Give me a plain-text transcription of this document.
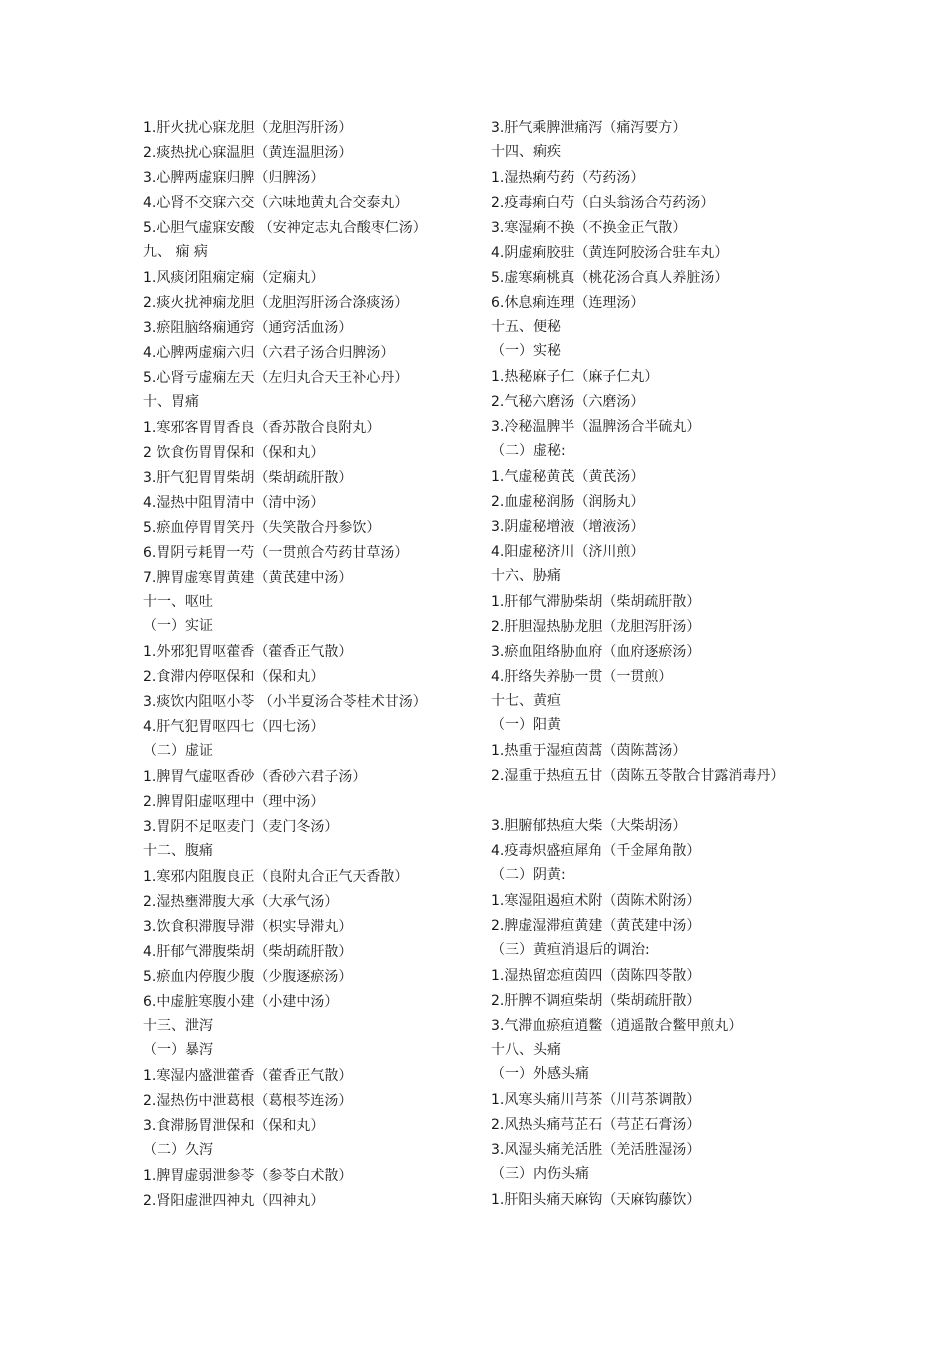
1.肝火扰心寐龙胆（龙胆泻肝汤）
2.痰热扰心寐温胆（黄连温胆汤）
3.心脾两虚寐归脾（归脾汤）
4.心肾不交寐六交（六味地黄丸合交泰丸）
5.心胆气虚寐安酸 （安神定志丸合酸枣仁汤）
九、 痫 病
1.风痰闭阻痫定痫（定痫丸）
2.痰火扰神痫龙胆（龙胆泻肝汤合涤痰汤）
3.瘀阻脑络痫通窍（通窍活血汤）
4.心脾两虚痫六归（六君子汤合归脾汤）
5.心肾亏虚痫左天（左归丸合天王补心丹）
十、胃痛
1.寒邪客胃胃香良（香苏散合良附丸）
2 饮食伤胃胃保和（保和丸）
3.肝气犯胃胃柴胡（柴胡疏肝散）
4.湿热中阻胃清中（清中汤）
5.瘀血停胃胃笑丹（失笑散合丹参饮）
6.胃阴亏耗胃一芍（一贯煎合芍药甘草汤）
7.脾胃虚寒胃黄建（黄芪建中汤）
十一、呕吐
（一）实证
1.外邪犯胃呕藿香（藿香正气散）
2.食滞内停呕保和（保和丸）
3.痰饮内阻呕小苓 （小半夏汤合苓桂术甘汤）
4.肝气犯胃呕四七（四七汤）
（二）虚证
1.脾胃气虚呕香砂（香砂六君子汤）
2.脾胃阳虚呕理中（理中汤）
3.胃阴不足呕麦门（麦门冬汤）
十二、腹痛
1.寒邪内阻腹良正（良附丸合正气天香散）
2.湿热壅滞腹大承（大承气汤）
3.饮食积滞腹导滞（枳实导滞丸）
4.肝郁气滞腹柴胡（柴胡疏肝散）
5.瘀血内停腹少腹（少腹逐瘀汤）
6.中虚脏寒腹小建（小建中汤）
十三、泄泻
（一）暴泻
1.寒湿内盛泄藿香（藿香正气散）
2.湿热伤中泄葛根（葛根芩连汤）
3.食滞肠胃泄保和（保和丸）
（二）久泻
1.脾胃虚弱泄参苓（参苓白术散）
2.肾阳虚泄四神丸（四神丸）
3.肝气乘脾泄痛泻（痛泻要方）
十四、痢疾
1.湿热痢芍药（芍药汤）
2.疫毒痢白芍（白头翁汤合芍药汤）
3.寒湿痢不换（不换金正气散）
4.阴虚痢胶驻（黄连阿胶汤合驻车丸）
5.虚寒痢桃真（桃花汤合真人养脏汤）
6.休息痢连理（连理汤）
十五、便秘
（一）实秘
1.热秘麻子仁（麻子仁丸）
2.气秘六磨汤（六磨汤）
3.冷秘温脾半（温脾汤合半硫丸）
（二）虚秘:
1.气虚秘黄芪（黄芪汤）
2.血虚秘润肠（润肠丸）
3.阴虚秘增液（增液汤）
4.阳虚秘济川（济川煎）
十六、胁痛
1.肝郁气滞胁柴胡（柴胡疏肝散）
2.肝胆湿热胁龙胆（龙胆泻肝汤）
3.瘀血阻络胁血府（血府逐瘀汤）
4.肝络失养胁一贯（一贯煎）
十七、黄疸
（一）阳黄
1.热重于湿疸茵蒿（茵陈蒿汤）
2.湿重于热疸五甘（茵陈五苓散合甘露消毒丹）
3.胆腑郁热疸大柴（大柴胡汤）
4.疫毒炽盛疸犀角（千金犀角散）
（二）阴黄:
1.寒湿阻遏疸术附（茵陈术附汤）
2.脾虚湿滞疸黄建（黄芪建中汤）
（三）黄疸消退后的调治:
1.湿热留恋疸茵四（茵陈四苓散）
2.肝脾不调疸柴胡（柴胡疏肝散）
3.气滞血瘀疸逍鳖（逍遥散合鳖甲煎丸）
十八、头痛
（一）外感头痛
1.风寒头痛川芎茶（川芎茶调散）
2.风热头痛芎芷石（芎芷石膏汤）
3.风湿头痛羌活胜（羌活胜湿汤）
（三）内伤头痛
1.肝阳头痛天麻钩（天麻钩藤饮）
